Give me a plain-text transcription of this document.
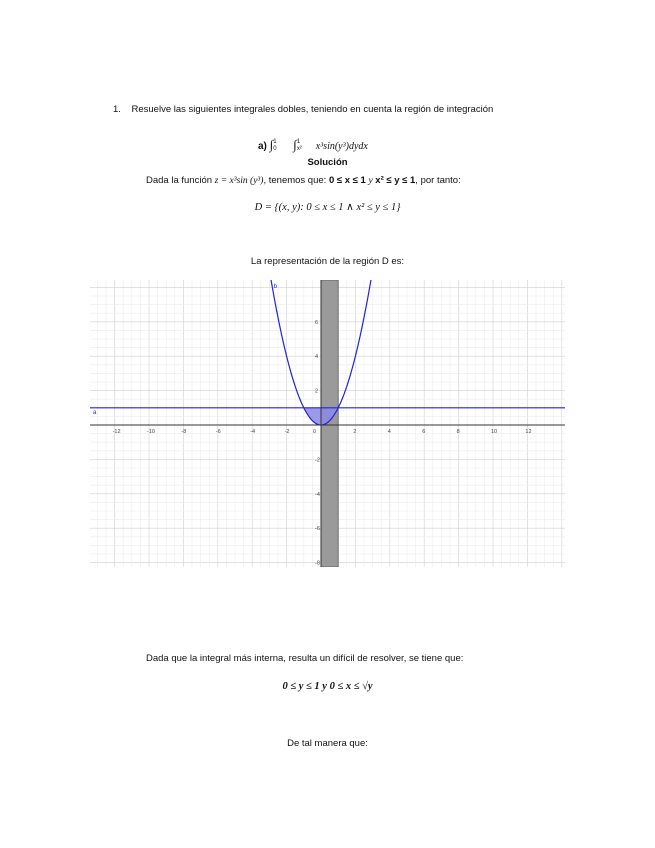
1. Resuelve las siguientes integrales dobles, teniendo en cuenta la región de integración
a) ∫1
0 ∫1
x² x³sin(y³)dydx
Solución
Dada la función z = x³sin (y³), tenemos que: 0 ≤ x ≤ 1 y x² ≤ y ≤ 1, por tanto:
D = {(x, y): 0 ≤ x ≤ 1 ∧ x² ≤ y ≤ 1}
La representación de la región D es:
-12	-10	-8	-6	-4	-2	0	2	4	6	8	10	12
-8
-6
-4
-2
2
4
6
b
a
Dada que la integral más interna, resulta un difícil de resolver, se tiene que:
0 ≤ y ≤ 1 y 0 ≤ x ≤ √y
De tal manera que:
